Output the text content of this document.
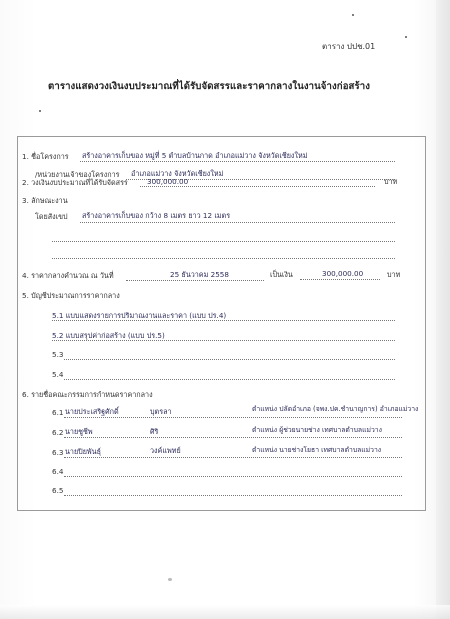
ตาราง ปปช.01
ตารางแสดงวงเงินงบประมาณที่ได้รับจัดสรรและราคากลางในงานจ้างก่อสร้าง
1. ชื่อโครงการ สร้างอาคารเก็บของ หมู่ที่ 5 ตำบลบ้านกาด อำเภอแม่วาง จังหวัดเชียงใหม่
/หน่วยงานเจ้าของโครงการ อำเภอแม่วาง จังหวัดเชียงใหม่
2. วงเงินงบประมาณที่ได้รับจัดสรร	300,000.00	บาท
3. ลักษณะงาน
โดยสังเขป สร้างอาคารเก็บของ กว้าง 8 เมตร ยาว 12 เมตร
4. ราคากลางคำนวณ ณ วันที่	25 ธันวาคม 2558	เป็นเงิน	300,000.00	บาท
5. บัญชีประมาณการราคากลาง
5.1 แบบแสดงรายการปริมาณงานและราคา (แบบ ปร.4)
5.2 แบบสรุปค่าก่อสร้าง (แบบ ปร.5)
5.3
5.4
6. รายชื่อคณะกรรมการกำหนดราคากลาง
6.1 นายประเสริฐศักดิ์	บุตรลา	ตำแหน่ง ปลัดอำเภอ (จพง.ปค.ชำนาญการ) อำเภอแม่วาง
6.2 นายชูชีพ	ศิริ	ตำแหน่ง ผู้ช่วยนายช่าง เทศบาลตำบลแม่วาง
6.3 นายปิยพันธุ์	วงค์แพทย์	ตำแหน่ง นายช่างโยธา เทศบาลตำบลแม่วาง
6.4
6.5
